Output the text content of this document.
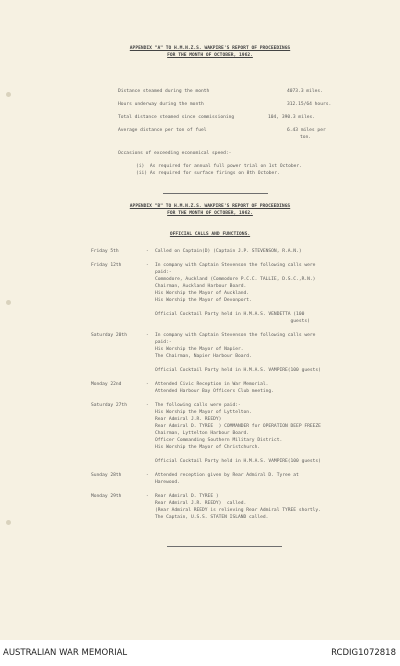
APPENDIX "A" TO H.M.N.Z.S. WAKPIRE'S REPORT OF PROCEEDINGS
FOR THE MONTH OF OCTOBER, 1962.
Distance steamed during the month	4073.3 miles.
Hours underway during the month	312.15/64 hours.
Total distance steamed since commissioning	104, 390.3 miles.
Average distance per ton of fuel	6.43 miles per
ton.
Occasions of exceeding economical speed:-
(i)  As required for annual full power trial on 1st October.
(ii) As required for surface firings on 8th October.
APPENDIX "B" TO H.M.N.Z.S. WAKPIRE'S REPORT OF PROCEEDINGS
FOR THE MONTH OF OCTOBER, 1962.
OFFICIAL CALLS AND FUNCTIONS.
Friday 5th	- Called on Captain(D) (Captain J.P. STEVENSON, R.A.N.)
Friday 12th	- In company with Captain Stevenson the following calls were
paid:-
Commodore, Auckland (Commodore P.C.C. TALLIE, D.S.C.,R.N.)
Chairman, Auckland Harbour Board.
His Worship the Mayor of Auckland.
His Worship the Mayor of Devonport.
Official Cocktail Party held in H.M.A.S. VENDETTA (100
guests)
Saturday 20th	- In company with Captain Stevenson the following calls were
paid:-
His Worship the Mayor of Napier.
The Chairman, Napier Harbour Board.
Official Cocktail Party held in H.M.A.S. VAMPIRE(100 guests)
Monday 22nd	- Attended Civic Reception in War Memorial.
Attended Harbour Bay Officers Club meeting.
Saturday 27th	- The following calls were paid:-
His Worship the Mayor of Lyttelton.
Rear Admiral J.R. REEDY)
Rear Admiral D. TYREE  ) COMMANDER for OPERATION DEEP FREEZE
Chairman, Lyttelton Harbour Board.
Officer Commanding Southern Military District.
His Worship the Mayor of Christchurch.
Official Cocktail Party held in H.M.A.S. VAMPIRE(100 guests)
Sunday 28th	- Attended reception given by Rear Admiral D. Tyree at
Harewood.
Monday 29th	- Rear Admiral D. TYREE )
Rear Admiral J.R. REEDY)  called.
(Rear Admiral REEDY is relieving Rear Admiral TYREE shortly.
The Captain, U.S.S. STATEN ISLAND called.
AUSTRALIAN WAR MEMORIAL	RCDIG1072818
